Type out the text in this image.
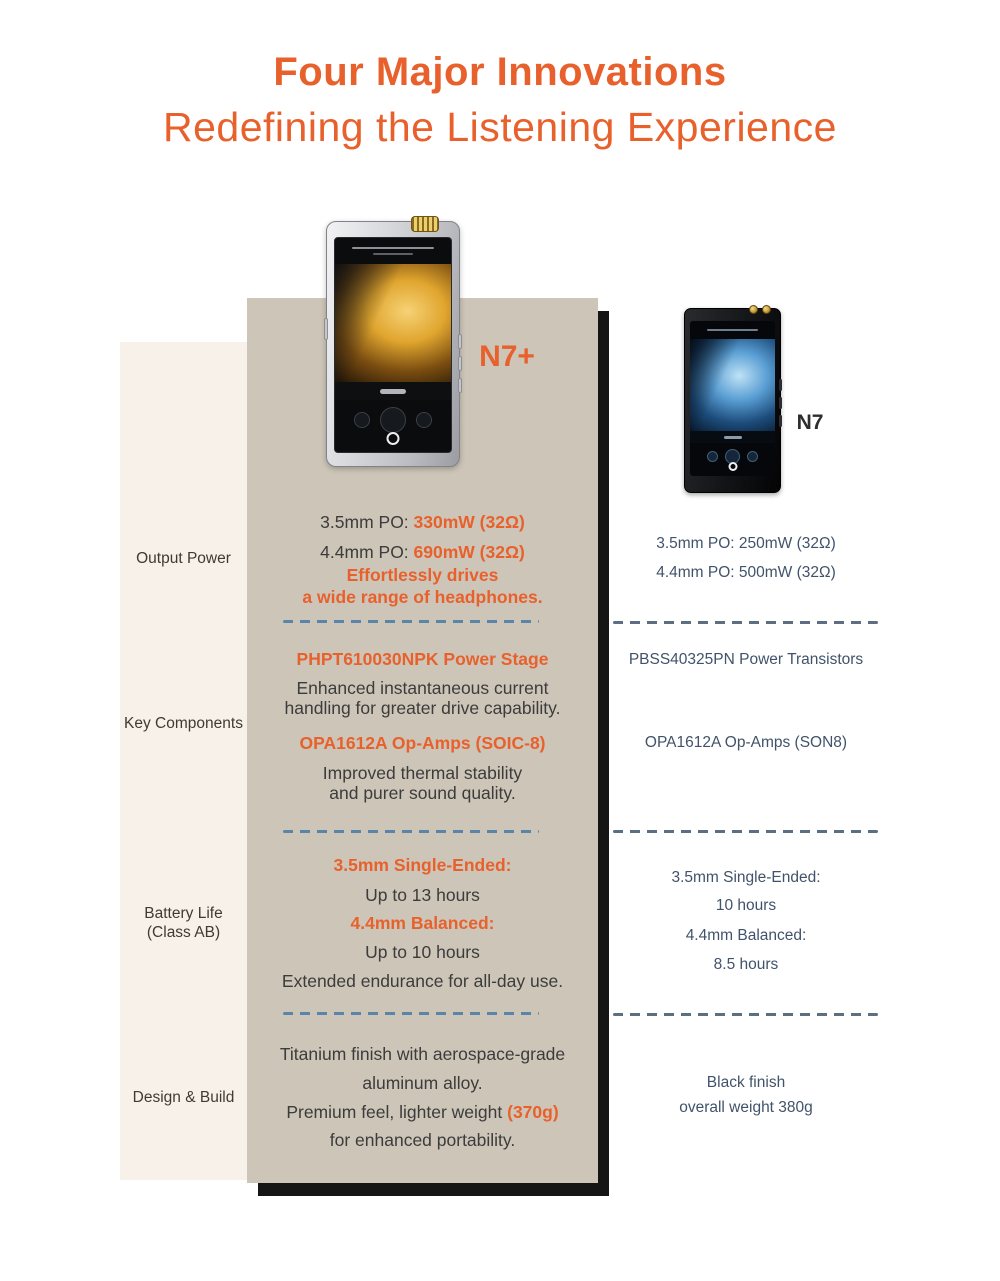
Four Major Innovations
Redefining the Listening Experience
N7+
N7
Output Power
Key Components
Battery Life
(Class AB)
Design & Build
3.5mm PO: 330mW (32Ω)
4.4mm PO: 690mW (32Ω)
Effortlessly drives
a wide range of headphones.
PHPT610030NPK Power Stage
Enhanced instantaneous current
handling for greater drive capability.
OPA1612A Op-Amps (SOIC-8)
Improved thermal stability
and purer sound quality.
3.5mm Single-Ended:
Up to 13 hours
4.4mm Balanced:
Up to 10 hours
Extended endurance for all-day use.
Titanium finish with aerospace-grade
aluminum alloy.
Premium feel, lighter weight (370g)
for enhanced portability.
3.5mm PO: 250mW (32Ω)
4.4mm PO: 500mW (32Ω)
PBSS40325PN Power Transistors
OPA1612A Op-Amps (SON8)
3.5mm Single-Ended:
10 hours
4.4mm Balanced:
8.5 hours
Black finish
overall weight 380g
